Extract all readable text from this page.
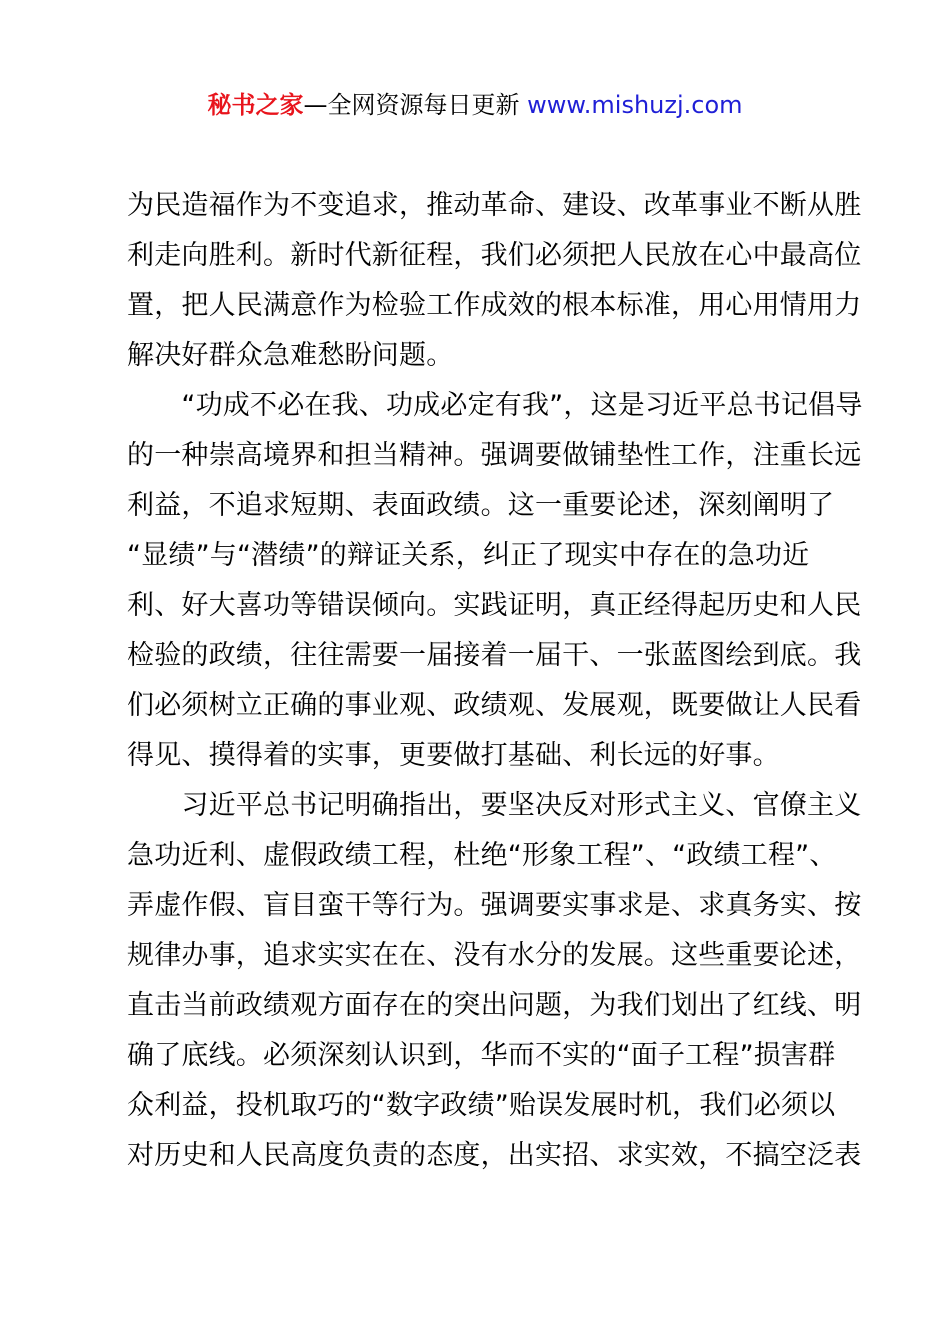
秘书之家—全网资源每日更新 www.mishuzj.com
为民造福作为不变追求，推动革命、建设、改革事业不断从胜
利走向胜利。新时代新征程，我们必须把人民放在心中最高位
置，把人民满意作为检验工作成效的根本标准，用心用情用力
解决好群众急难愁盼问题。
　　“功成不必在我、功成必定有我”，这是习近平总书记倡导
的一种崇高境界和担当精神。强调要做铺垫性工作，注重长远
利益，不追求短期、表面政绩。这一重要论述，深刻阐明了
“显绩”与“潜绩”的辩证关系，纠正了现实中存在的急功近
利、好大喜功等错误倾向。实践证明，真正经得起历史和人民
检验的政绩，往往需要一届接着一届干、一张蓝图绘到底。我
们必须树立正确的事业观、政绩观、发展观，既要做让人民看
得见、摸得着的实事，更要做打基础、利长远的好事。
　　习近平总书记明确指出，要坚决反对形式主义、官僚主义
急功近利、虚假政绩工程，杜绝“形象工程”、“政绩工程”、
弄虚作假、盲目蛮干等行为。强调要实事求是、求真务实、按
规律办事，追求实实在在、没有水分的发展。这些重要论述，
直击当前政绩观方面存在的突出问题，为我们划出了红线、明
确了底线。必须深刻认识到，华而不实的“面子工程”损害群
众利益，投机取巧的“数字政绩”贻误发展时机，我们必须以
对历史和人民高度负责的态度，出实招、求实效，不搞空泛表
